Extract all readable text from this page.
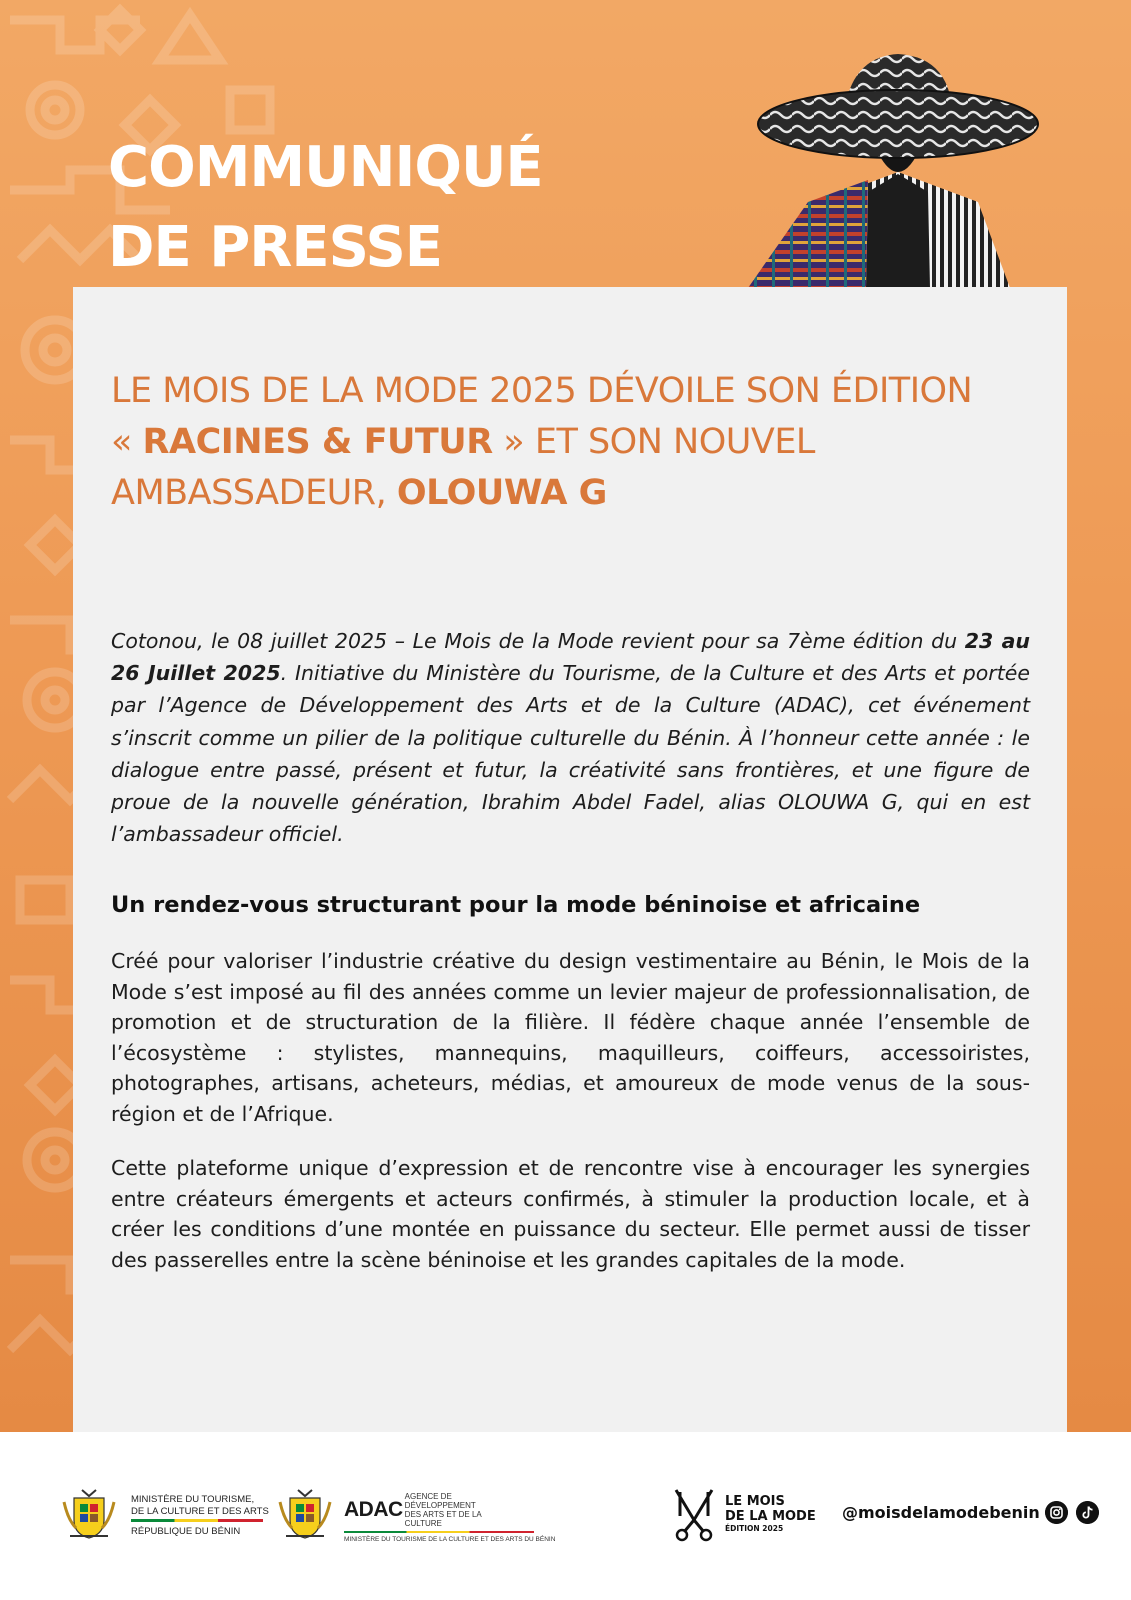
COMMUNIQUÉ
DE PRESSE
LE MOIS DE LA MODE 2025 DÉVOILE SON ÉDITION
« RACINES & FUTUR » ET SON NOUVEL
AMBASSADEUR, OLOUWA G
Cotonou, le 08 juillet 2025 – Le Mois de la Mode revient pour sa 7ème édition du 23 au 26 Juillet 2025. Initiative du Ministère du Tourisme, de la Culture et des Arts et portée par l’Agence de Développement des Arts et de la Culture (ADAC), cet événement s’inscrit comme un pilier de la politique culturelle du Bénin. À l’honneur cette année : le dialogue entre passé, présent et futur, la créativité sans frontières, et une figure de proue de la nouvelle génération, Ibrahim Abdel Fadel, alias OLOUWA G, qui en est l’ambassadeur officiel.
Un rendez-vous structurant pour la mode béninoise et africaine
Créé pour valoriser l’industrie créative du design vestimentaire au Bénin, le Mois de la Mode s’est imposé au fil des années comme un levier majeur de professionnalisation, de promotion et de structuration de la filière. Il fédère chaque année l’ensemble de l’écosystème : stylistes, mannequins, maquilleurs, coiffeurs, accessoiristes, photographes, artisans, acheteurs, médias, et amoureux de mode venus de la sous-région et de l’Afrique.
Cette plateforme unique d’expression et de rencontre vise à encourager les synergies entre créateurs émergents et acteurs confirmés, à stimuler la production locale, et à créer les conditions d’une montée en puissance du secteur. Elle permet aussi de tisser des passerelles entre la scène béninoise et les grandes capitales de la mode.
MINISTÈRE DU TOURISME,
DE LA CULTURE ET DES ARTS
RÉPUBLIQUE DU BÉNIN
ADAC
AGENCE DE DÉVELOPPEMENT
DES ARTS ET DE LA CULTURE
MINISTÈRE DU TOURISME DE LA CULTURE ET DES ARTS DU BÉNIN
LE MOIS
DE LA MODE
ÉDITION 2025
@moisdelamodebenin
